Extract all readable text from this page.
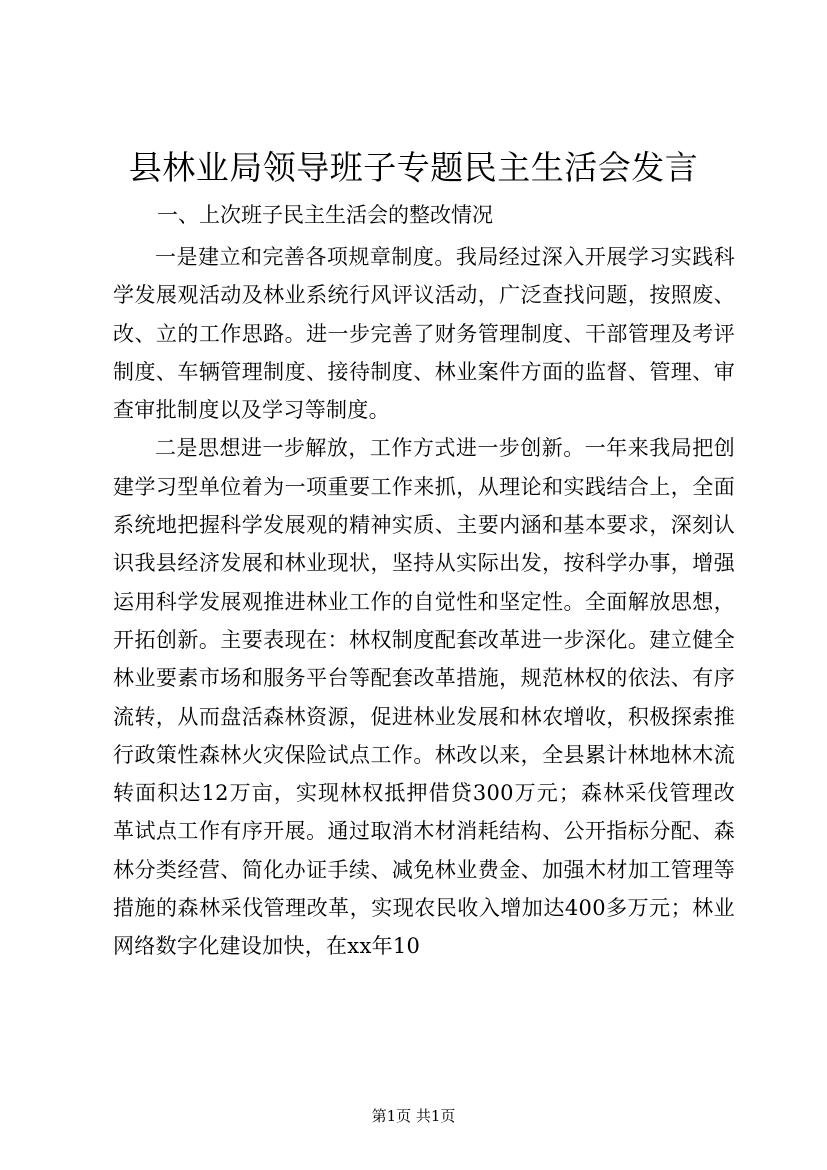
县林业局领导班子专题民主生活会发言
一、上次班子民主生活会的整改情况

一是建立和完善各项规章制度。我局经过深入开展学习实践科学发展观活动及林业系统行风评议活动，广泛查找问题，按照废、改、立的工作思路。进一步完善了财务管理制度、干部管理及考评制度、车辆管理制度、接待制度、林业案件方面的监督、管理、审查审批制度以及学习等制度。

二是思想进一步解放，工作方式进一步创新。一年来我局把创建学习型单位着为一项重要工作来抓，从理论和实践结合上，全面系统地把握科学发展观的精神实质、主要内涵和基本要求，深刻认识我县经济发展和林业现状，坚持从实际出发，按科学办事，增强运用科学发展观推进林业工作的自觉性和坚定性。全面解放思想，开拓创新。主要表现在：林权制度配套改革进一步深化。建立健全林业要素市场和服务平台等配套改革措施，规范林权的依法、有序流转，从而盘活森林资源，促进林业发展和林农增收，积极探索推行政策性森林火灾保险试点工作。林改以来，全县累计林地林木流转面积达12万亩，实现林权抵押借贷300万元；森林采伐管理改革试点工作有序开展。通过取消木材消耗结构、公开指标分配、森林分类经营、简化办证手续、减免林业费金、加强木材加工管理等措施的森林采伐管理改革，实现农民收入增加达400多万元；林业网络数字化建设加快，在xx年10

第1页 共1页
